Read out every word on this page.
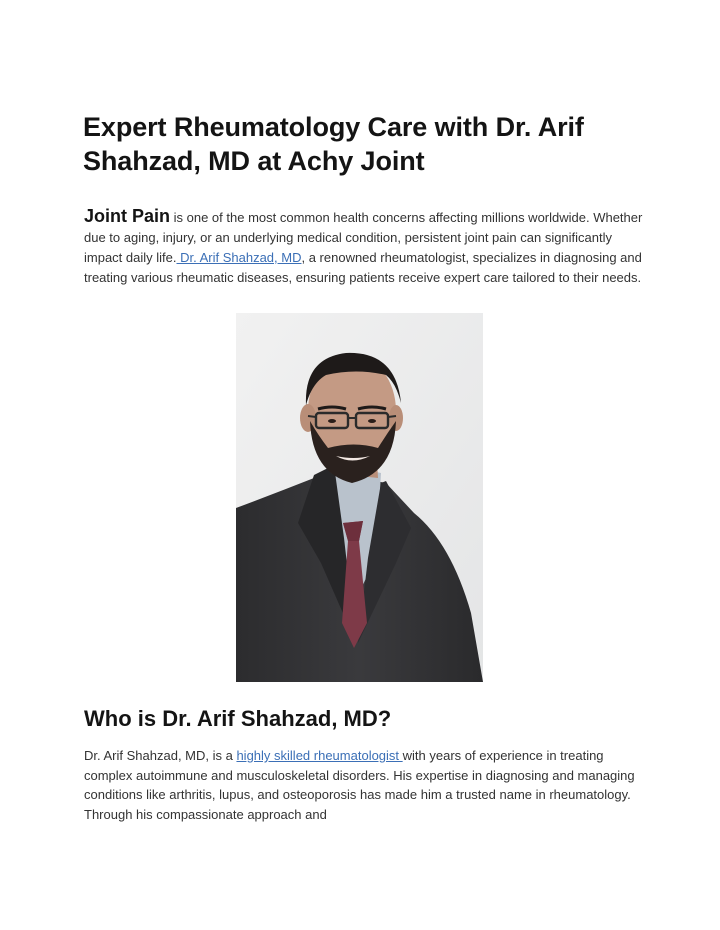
Expert Rheumatology Care with Dr. Arif Shahzad, MD at Achy Joint

Joint Pain is one of the most common health concerns affecting millions worldwide. Whether due to aging, injury, or an underlying medical condition, persistent joint pain can significantly impact daily life. Dr. Arif Shahzad, MD, a renowned rheumatologist, specializes in diagnosing and treating various rheumatic diseases, ensuring patients receive expert care tailored to their needs.

Who is Dr. Arif Shahzad, MD?

Dr. Arif Shahzad, MD, is a highly skilled rheumatologist with years of experience in treating complex autoimmune and musculoskeletal disorders. His expertise in diagnosing and managing conditions like arthritis, lupus, and osteoporosis has made him a trusted name in rheumatology. Through his compassionate approach and
